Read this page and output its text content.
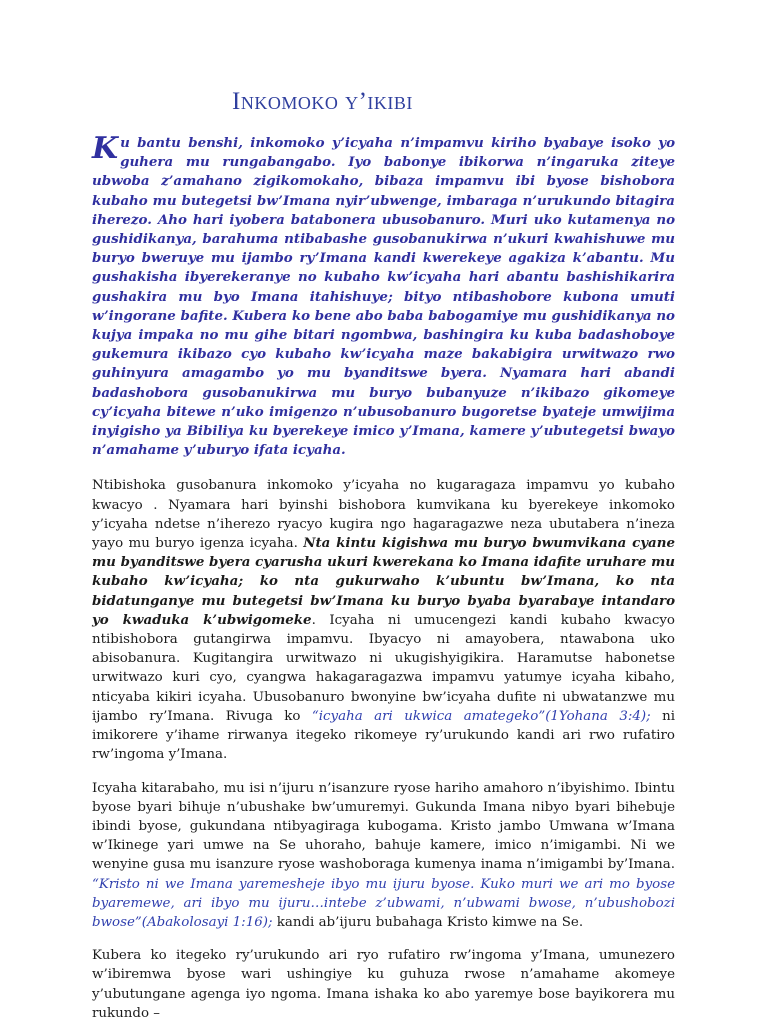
Inkomoko y’ikibi

Ku bantu benshi, inkomoko y’icyaha n’impamvu kiriho byabaye isoko yo guhera mu rungabangabo. Iyo babonye ibikorwa n’ingaruka ziteye ubwoba z’amahano zigikomokaho, bibaza impamvu ibi byose bishobora kubaho mu butegetsi bw’Imana nyir’ubwenge, imbaraga n’urukundo bitagira iherezo. Aho hari iyobera batabonera ubusobanuro. Muri uko kutamenya no gushidikanya, barahuma ntibabashe gusobanukirwa n’ukuri kwahishuwe mu buryo bweruye mu ijambo ry’Imana kandi kwerekeye agakiza k’abantu. Mu gushakisha ibyerekeranye no kubaho kw’icyaha hari abantu bashishikarira gushakira mu byo Imana itahishuye; bityo ntibashobore kubona umuti w’ingorane bafite. Kubera ko bene abo baba babogamiye mu gushidikanya no kujya impaka no mu gihe bitari ngombwa, bashingira ku kuba badashoboye gukemura ikibazo cyo kubaho kw’icyaha maze bakabigira urwitwazo rwo guhinyura amagambo yo mu byanditswe byera. Nyamara hari abandi badashobora gusobanukirwa mu buryo bubanyuze n’ikibazo gikomeye cy’icyaha bitewe n’uko imigenzo n’ubusobanuro bugoretse byateje umwijima inyigisho ya Bibiliya ku byerekeye imico y’Imana, kamere y’ubutegetsi bwayo n’amahame y’uburyo ifata icyaha.

Ntibishoka gusobanura inkomoko y’icyaha no kugaragaza impamvu yo kubaho kwacyo . Nyamara hari byinshi bishobora kumvikana ku byerekeye inkomoko y’icyaha ndetse n’iherezo ryacyo kugira ngo hagaragazwe neza ubutabera n’ineza yayo mu buryo igenza icyaha. Nta kintu kigishwa mu buryo bwumvikana cyane mu byanditswe byera cyarusha ukuri kwerekana ko Imana idafite uruhare mu kubaho kw’icyaha; ko nta gukurwaho k’ubuntu bw’Imana, ko nta bidatunganye mu butegetsi bw’Imana ku buryo byaba byarabaye intandaro yo kwaduka k’ubwigomeke. Icyaha ni umucengezi kandi kubaho kwacyo ntibishobora gutangirwa impamvu. Ibyacyo ni amayobera, ntawabona uko abisobanura. Kugitangira urwitwazo ni ukugishyigikira. Haramutse habonetse urwitwazo kuri cyo, cyangwa hakagaragazwa impamvu yatumye icyaha kibaho, nticyaba kikiri icyaha. Ubusobanuro bwonyine bw’icyaha dufite ni ubwatanzwe mu ijambo ry’Imana. Rivuga ko “icyaha ari ukwica amategeko”(1Yohana 3:4); ni imikorere y’ihame rirwanya itegeko rikomeye ry’urukundo kandi ari rwo rufatiro rw’ingoma y’Imana.

Icyaha kitarabaho, mu isi n’ijuru n’isanzure ryose hariho amahoro n’ibyishimo. Ibintu byose byari bihuje n’ubushake bw’umuremyi. Gukunda Imana nibyo byari bihebuje ibindi byose, gukundana ntibyagiraga kubogama. Kristo jambo Umwana w’Imana w’Ikinege yari umwe na Se uhoraho, bahuje kamere, imico n’imigambi. Ni we wenyine gusa mu isanzure ryose washoboraga kumenya inama n’imigambi by’Imana. “Kristo ni we Imana yaremesheje ibyo mu ijuru byose. Kuko muri we ari mo byose byaremewe, ari ibyo mu ijuru…intebe z’ubwami, n’ubwami bwose, n’ubushobozi bwose”(Abakolosayi 1:16); kandi ab’ijuru bubahaga Kristo kimwe na Se.

Kubera ko itegeko ry’urukundo ari ryo rufatiro rw’ingoma y’Imana, umunezero w’ibiremwa byose wari ushingiye ku guhuza rwose n’amahame akomeye y’ubutungane agenga iyo ngoma. Imana ishaka ko abo yaremye bose bayikorera mu rukundo –
